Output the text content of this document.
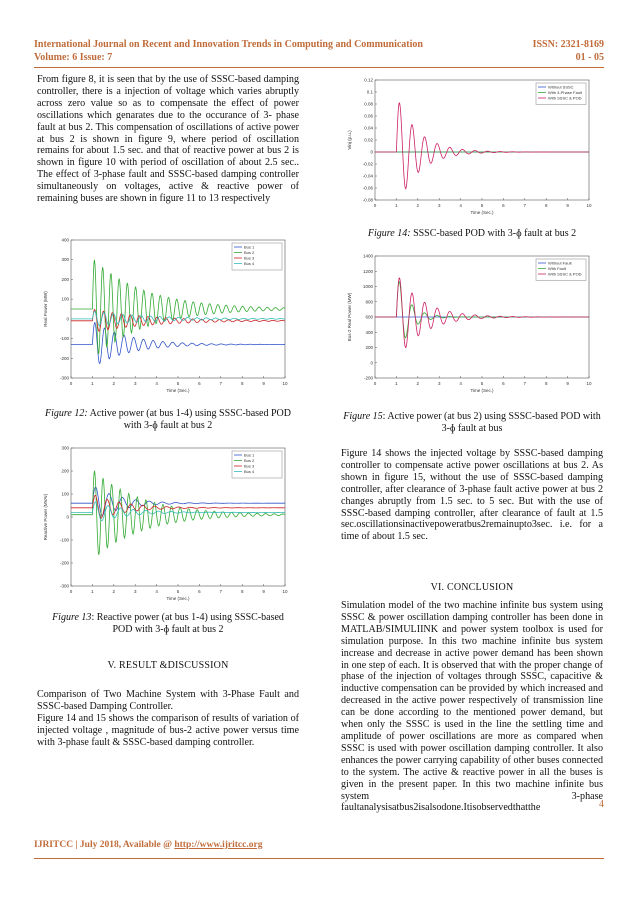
International Journal on Recent and Innovation Trends in Computing and Communication
Volume: 6 Issue: 7
ISSN: 2321-8169
01 - 05

From figure 8, it is seen that by the use of SSSC-based damping controller, there is a injection of voltage which varies abruptly across zero value so as to compensate the effect of power oscillations which genarates due to the occurance of 3- phase fault at bus 2. This compensation of oscillations of active power at bus 2 is shown in figure 9, where period of oscillation remains for about 1.5 sec. and that of reactive power at bus 2 is shown in figure 10 with period of oscillation of about 2.5 sec.. The effect of 3-phase fault and SSSC-based damping controller simultaneously on voltages, active & reactive power of remaining buses are shown in figure 11 to 13 respectively

0	1	2	3	4	5	6	7	8	9	10
400
300
200
100
0
-100
-200
-300
Time (Sec.)
Real Power (MW)
Bus 1
Bus 2
Bus 3
Bus 4

Figure 12: Active power (at bus 1-4) using SSSC-based POD with 3-ɸ fault at bus 2

0	1	2	3	4	5	6	7	8	9	10
300
200
100
0
-100
-200
-300
Time (Sec.)
Reactive Power (MVAr)
Bus 1
Bus 2
Bus 3
Bus 4

Figure 13: Reactive power (at bus 1-4) using SSSC-based POD with 3-ɸ fault at bus 2

V. RESULT &DISCUSSION

Comparison of Two Machine System with 3-Phase Fault and SSSC-based Damping Controller.

Figure 14 and 15 shows the comparison of results of variation of injected voltage , magnitude of bus-2 active power versus time with 3-phase fault & SSSC-based damping controller.

0	1	2	3	4	5	6	7	8	9	10
0.12
0.1
0.08
0.06
0.04
0.02
0
-0.02
-0.04
-0.06
-0.08
Time (Sec.)
Vinj (p.u.)
Without SSSC
With 3-Phase Fault
With SSSC & POD

Figure 14: SSSC-based POD with 3-ɸ fault at bus 2

0	1	2	3	4	5	6	7	8	9	10
1400
1200
1000
800
600
400
200
0
-200
Time (Sec.)
Bus-2 Real Power (MW)
Without Fault
With Fault
With SSSC & POD

Figure 15: Active power (at bus 2) using SSSC-based POD with 3-ɸ fault at bus

Figure 14 shows the injected voltage by SSSC-based damping controller to compensate active power oscillations at bus 2. As shown in figure 15, without the use of SSSC-based damping controller, after clearance of 3-phase fault active power at bus 2 changes abruptly from 1.5 sec. to 5 sec. But with the use of SSSC-based damping controller, after clearance of fault at 1.5 sec.oscillationsinactivepoweratbus2remainupto3sec. i.e. for a time of about 1.5 sec.

VI. CONCLUSION

Simulation model of the two machine infinite bus system using SSSC & power oscillation damping controller has been done in MATLAB/SIMULIINK and power system toolbox is used for simulation purpose. In this two machine infinite bus system increase and decrease in active power demand has been shown in one step of each. It is observed that with the proper change of phase of the injection of voltages through SSSC, capacitive & inductive compensation can be provided by which increased and decreased in the active power respectively of transmission line can be done according to the mentioned power demand, but when only the SSSC is used in the line the settling time and amplitude of power oscillations are more as compared when SSSC is used with power oscillation damping controller. It also enhances the power carrying capability of other buses connected to the system. The active & reactive power in all the buses is given in the present paper. In this two machine infinite bus system 3-phase faultanalysisatbus2isalsodone.Itisobservedthatthe	4
IJRITCC | July 2018, Available @ http://www.ijritcc.org
